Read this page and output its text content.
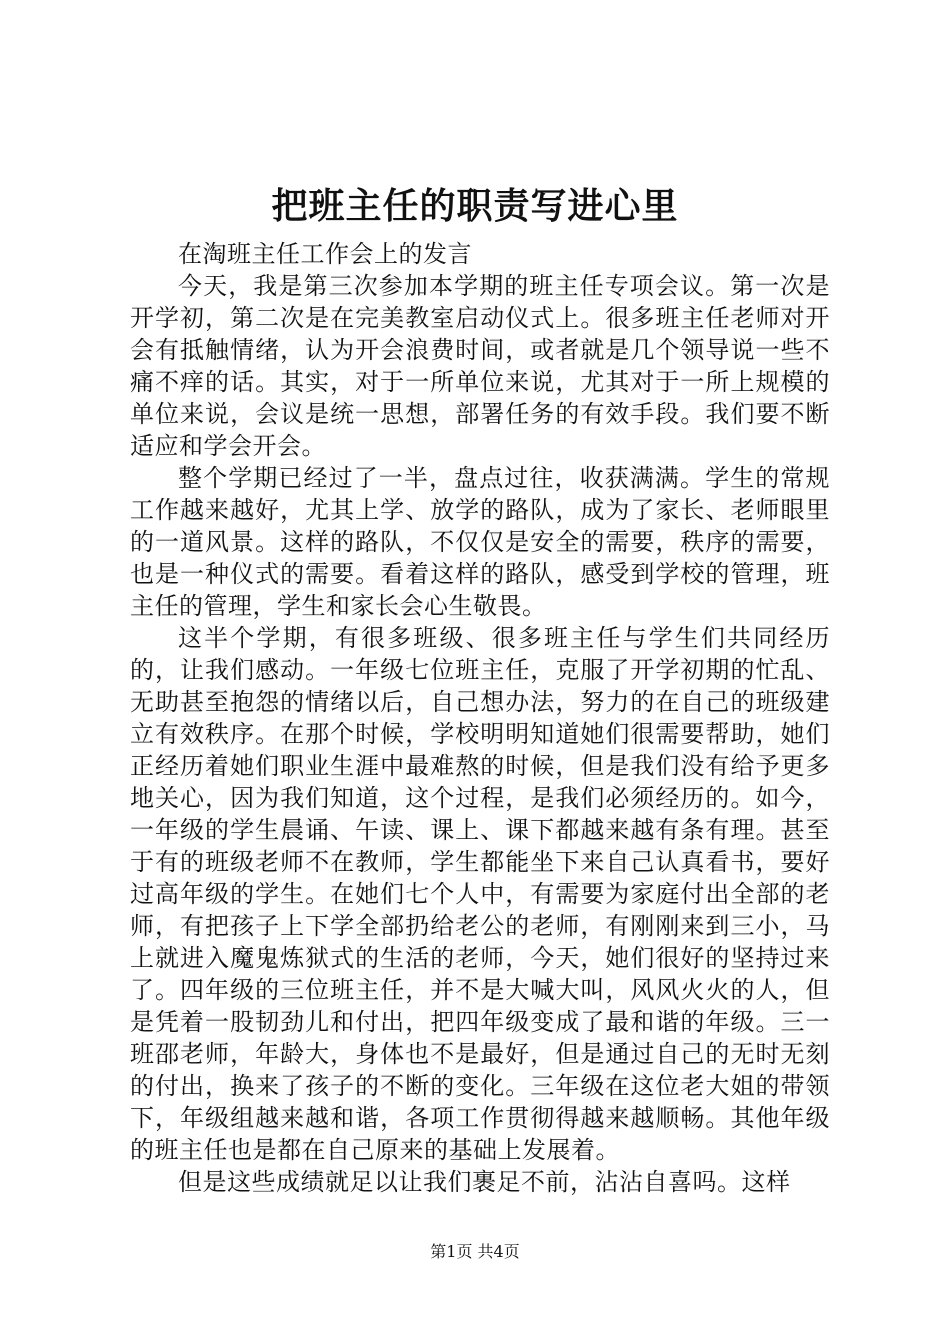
把班主任的职责写进心里

在淘班主任工作会上的发言

今天，我是第三次参加本学期的班主任专项会议。第一次是开学初，第二次是在完美教室启动仪式上。很多班主任老师对开会有抵触情绪，认为开会浪费时间，或者就是几个领导说一些不痛不痒的话。其实，对于一所单位来说，尤其对于一所上规模的单位来说，会议是统一思想，部署任务的有效手段。我们要不断适应和学会开会。

整个学期已经过了一半，盘点过往，收获满满。学生的常规工作越来越好，尤其上学、放学的路队，成为了家长、老师眼里的一道风景。这样的路队，不仅仅是安全的需要，秩序的需要，也是一种仪式的需要。看着这样的路队，感受到学校的管理，班主任的管理，学生和家长会心生敬畏。

这半个学期，有很多班级、很多班主任与学生们共同经历的，让我们感动。一年级七位班主任，克服了开学初期的忙乱、无助甚至抱怨的情绪以后，自己想办法，努力的在自己的班级建立有效秩序。在那个时候，学校明明知道她们很需要帮助，她们正经历着她们职业生涯中最难熬的时候，但是我们没有给予更多地关心，因为我们知道，这个过程，是我们必须经历的。如今，一年级的学生晨诵、午读、课上、课下都越来越有条有理。甚至于有的班级老师不在教师，学生都能坐下来自己认真看书，要好过高年级的学生。在她们七个人中，有需要为家庭付出全部的老师，有把孩子上下学全部扔给老公的老师，有刚刚来到三小，马上就进入魔鬼炼狱式的生活的老师，今天，她们很好的坚持过来了。四年级的三位班主任，并不是大喊大叫，风风火火的人，但是凭着一股韧劲儿和付出，把四年级变成了最和谐的年级。三一班邵老师，年龄大，身体也不是最好，但是通过自己的无时无刻的付出，换来了孩子的不断的变化。三年级在这位老大姐的带领下，年级组越来越和谐，各项工作贯彻得越来越顺畅。其他年级的班主任也是都在自己原来的基础上发展着。

但是这些成绩就足以让我们裹足不前，沾沾自喜吗。这样

第1页 共4页
